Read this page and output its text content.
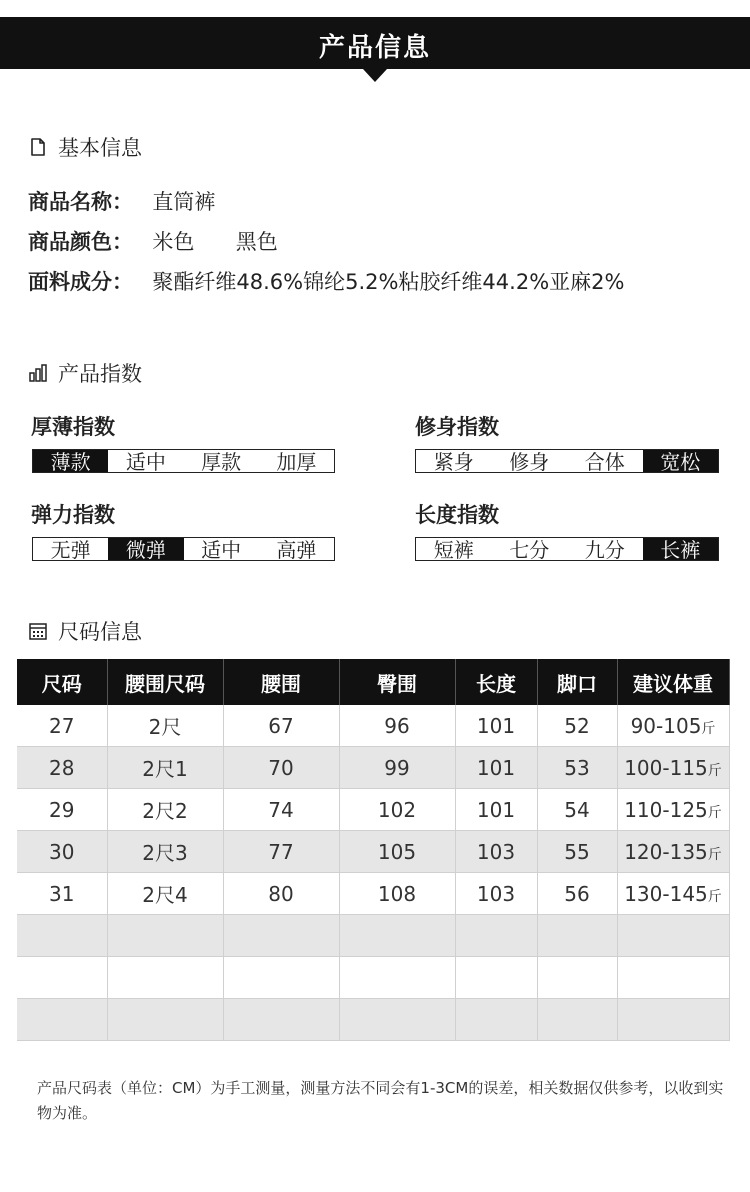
产品信息
基本信息
商品名称： 直筒裤
商品颜色： 米色 黑色
面料成分： 聚酯纤维48.6%锦纶5.2%粘胶纤维44.2%亚麻2%
产品指数
厚薄指数
薄款	适中	厚款	加厚
修身指数
紧身	修身	合体	宽松
弹力指数
无弹	微弹	适中	高弹
长度指数
短裤	七分	九分	长裤
尺码信息
尺码	腰围尺码	腰围	臀围	长度	脚口	建议体重
27	2尺	67	96	101	52	90-105斤
28	2尺1	70	99	101	53	100-115斤
29	2尺2	74	102	101	54	110-125斤
30	2尺3	77	105	103	55	120-135斤
31	2尺4	80	108	103	56	130-145斤

产品尺码表（单位：CM）为手工测量，测量方法不同会有1-3CM的误差，相关数据仅供参考，以收到实物为准。
